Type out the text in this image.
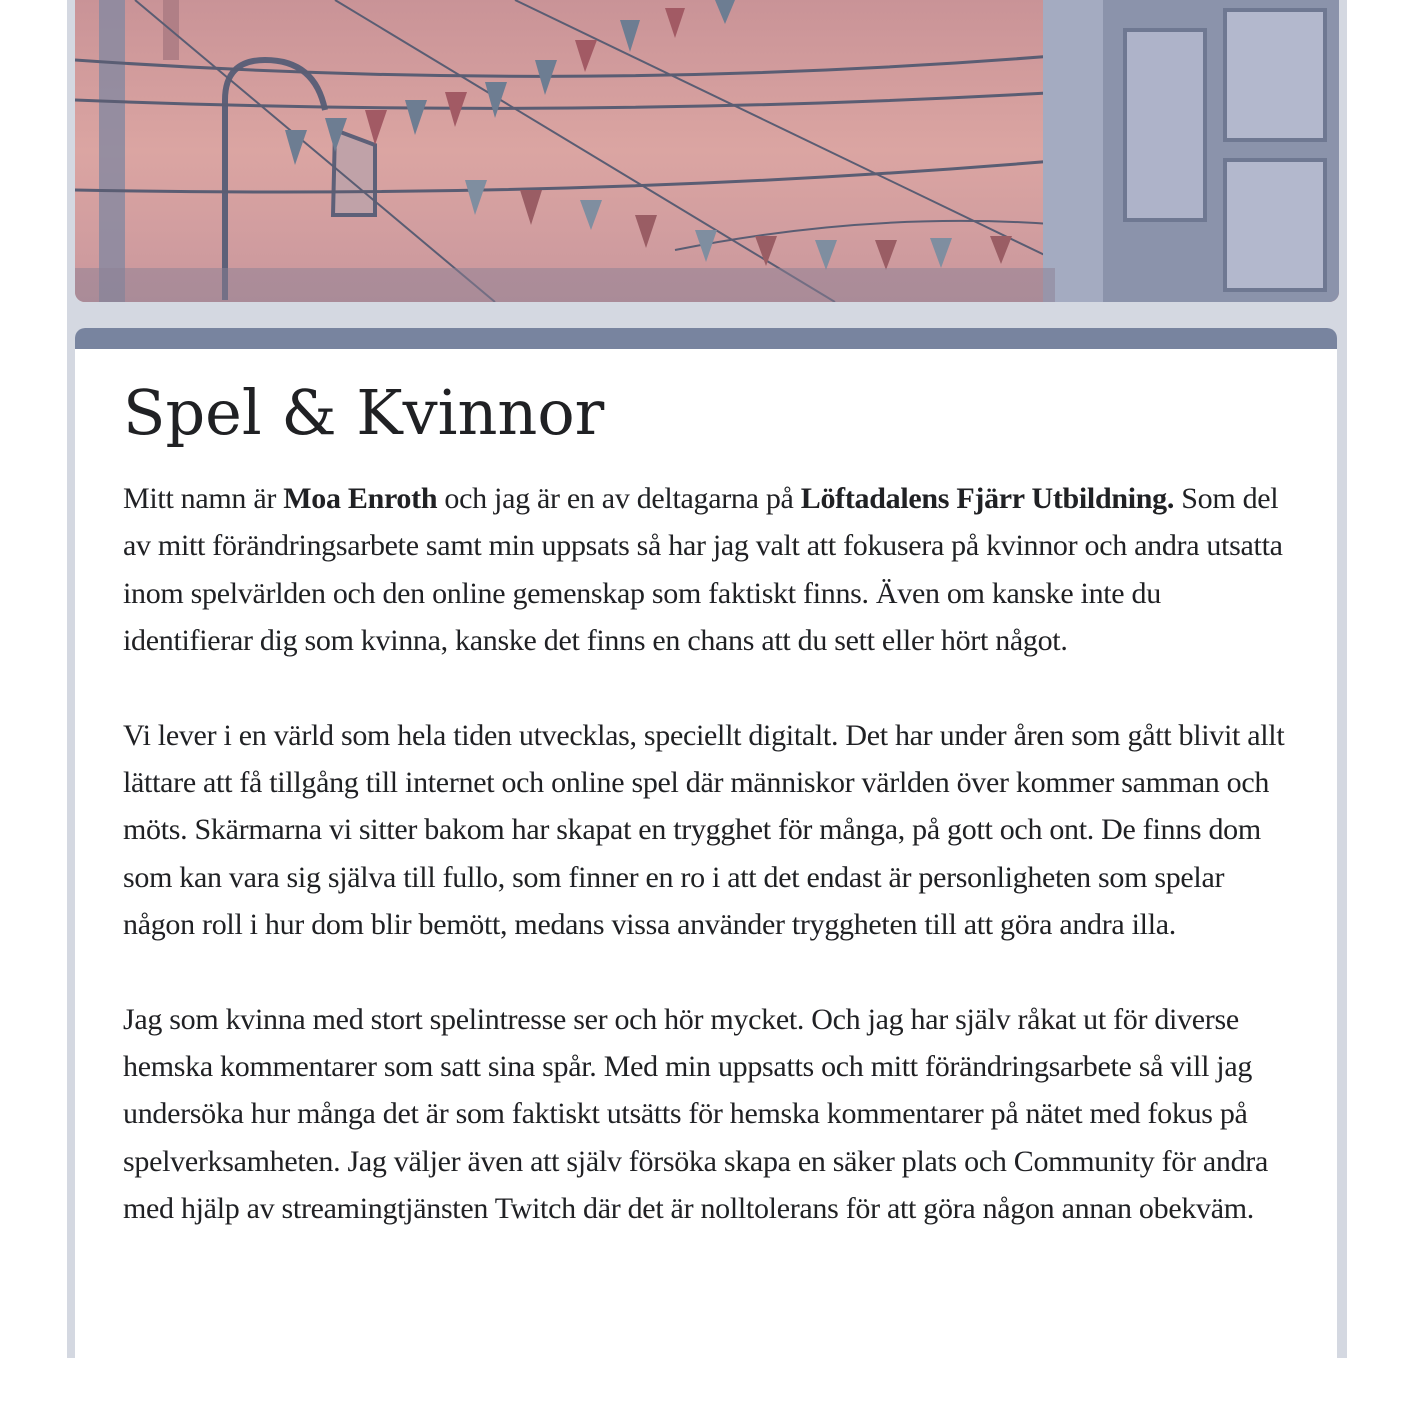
Spel & Kvinnor

Mitt namn är Moa Enroth och jag är en av deltagarna på Löftadalens Fjärr Utbildning. Som del av mitt förändringsarbete samt min uppsats så har jag valt att fokusera på kvinnor och andra utsatta inom spelvärlden och den online gemenskap som faktiskt finns. Även om kanske inte du identifierar dig som kvinna, kanske det finns en chans att du sett eller hört något.

Vi lever i en värld som hela tiden utvecklas, speciellt digitalt. Det har under åren som gått blivit allt lättare att få tillgång till internet och online spel där människor världen över kommer samman och möts. Skärmarna vi sitter bakom har skapat en trygghet för många, på gott och ont. De finns dom som kan vara sig själva till fullo, som finner en ro i att det endast är personligheten som spelar någon roll i hur dom blir bemött, medans vissa använder tryggheten till att göra andra illa.

Jag som kvinna med stort spelintresse ser och hör mycket. Och jag har själv råkat ut för diverse hemska kommentarer som satt sina spår. Med min uppsatts och mitt förändringsarbete så vill jag undersöka hur många det är som faktiskt utsätts för hemska kommentarer på nätet med fokus på spelverksamheten. Jag väljer även att själv försöka skapa en säker plats och Community för andra med hjälp av streamingtjänsten Twitch där det är nolltolerans för att göra någon annan obekväm.
